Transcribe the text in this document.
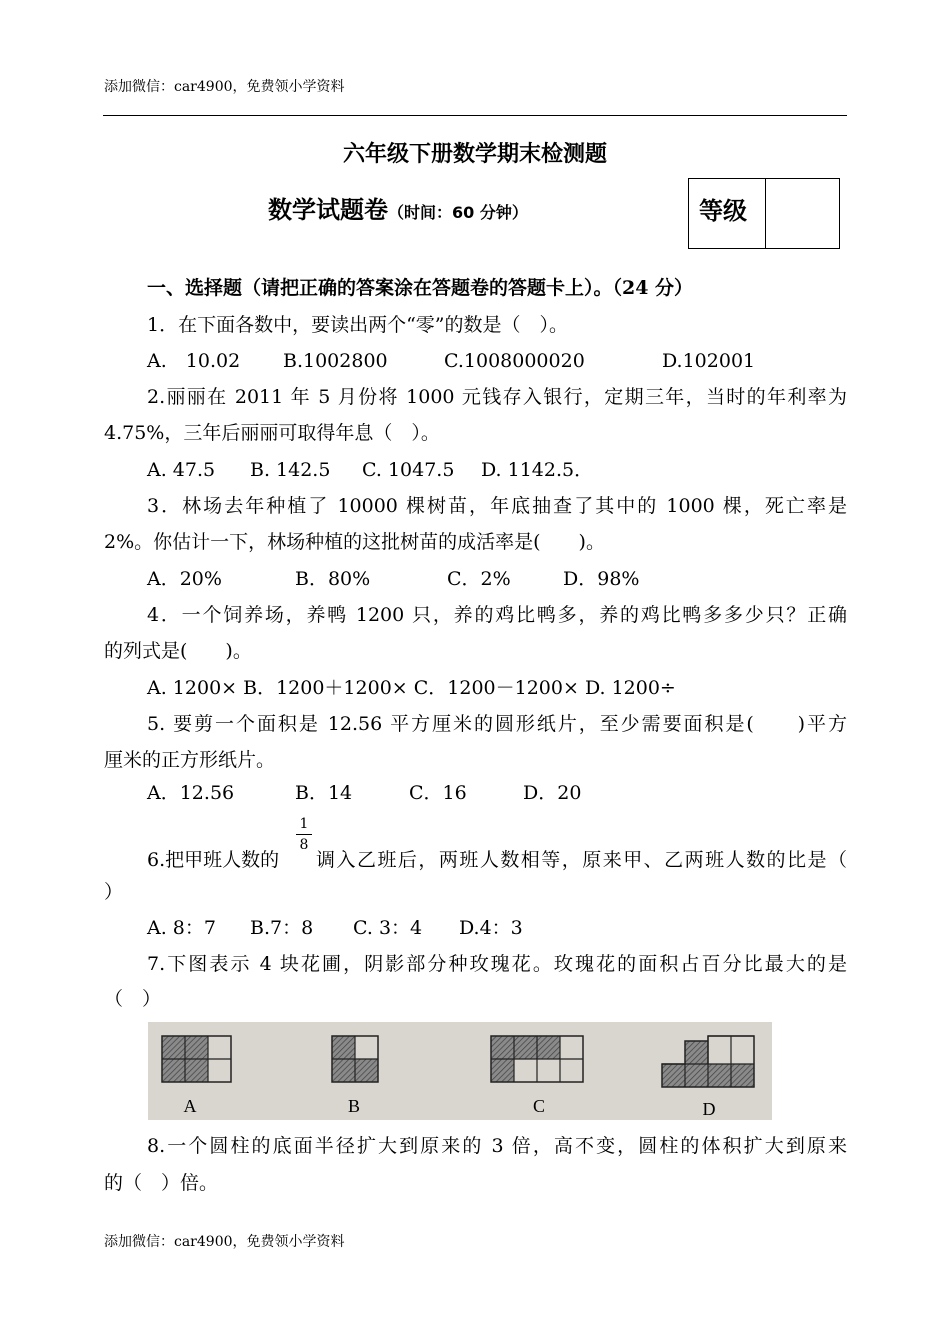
添加微信：car4900，免费领小学资料
六年级下册数学期末检测题
数学试题卷（时间：60 分钟）	等级
一、选择题（请把正确的答案涂在答题卷的答题卡上）。（24 分）
1．在下面各数中，要读出两个“零”的数是（　）。
A.　10.02 B.1002800	C.1008000020	D.102001
2.丽丽在 2011 年 5 月份将 1000 元钱存入银行，定期三年，当时的年利率为
4.75%，三年后丽丽可取得年息（　）。
A. 47.5 B. 142.5 C. 1047.5 D. 1142.5．
3．林场去年种植了 10000 棵树苗，年底抽查了其中的 1000 棵，死亡率是
2%。你估计一下，林场种植的这批树苗的成活率是(　　)。
A．20%	B．80%	C．2%	D．98%
4．一个饲养场，养鸭 1200 只，养的鸡比鸭多，养的鸡比鸭多多少只？正确
的列式是(　　)。
A. 1200× B．1200＋1200× C．1200－1200× D. 1200÷
5. 要剪一个面积是 12.56 平方厘米的圆形纸片，至少需要面积是(　　)平方
厘米的正方形纸片。
A．12.56	B．14	C．16	D．20
6.把甲班人数的
1
8
调入乙班后，两班人数相等，原来甲、乙两班人数的比是（
）
A. 8：7 B.7：8 C. 3：4 D.4：3
7.下图表示 4 块花圃，阴影部分种玫瑰花。玫瑰花的面积占百分比最大的是
（　）
A	B	C	D
8.一个圆柱的底面半径扩大到原来的 3 倍，高不变，圆柱的体积扩大到原来
的（　）倍。
添加微信：car4900，免费领小学资料
